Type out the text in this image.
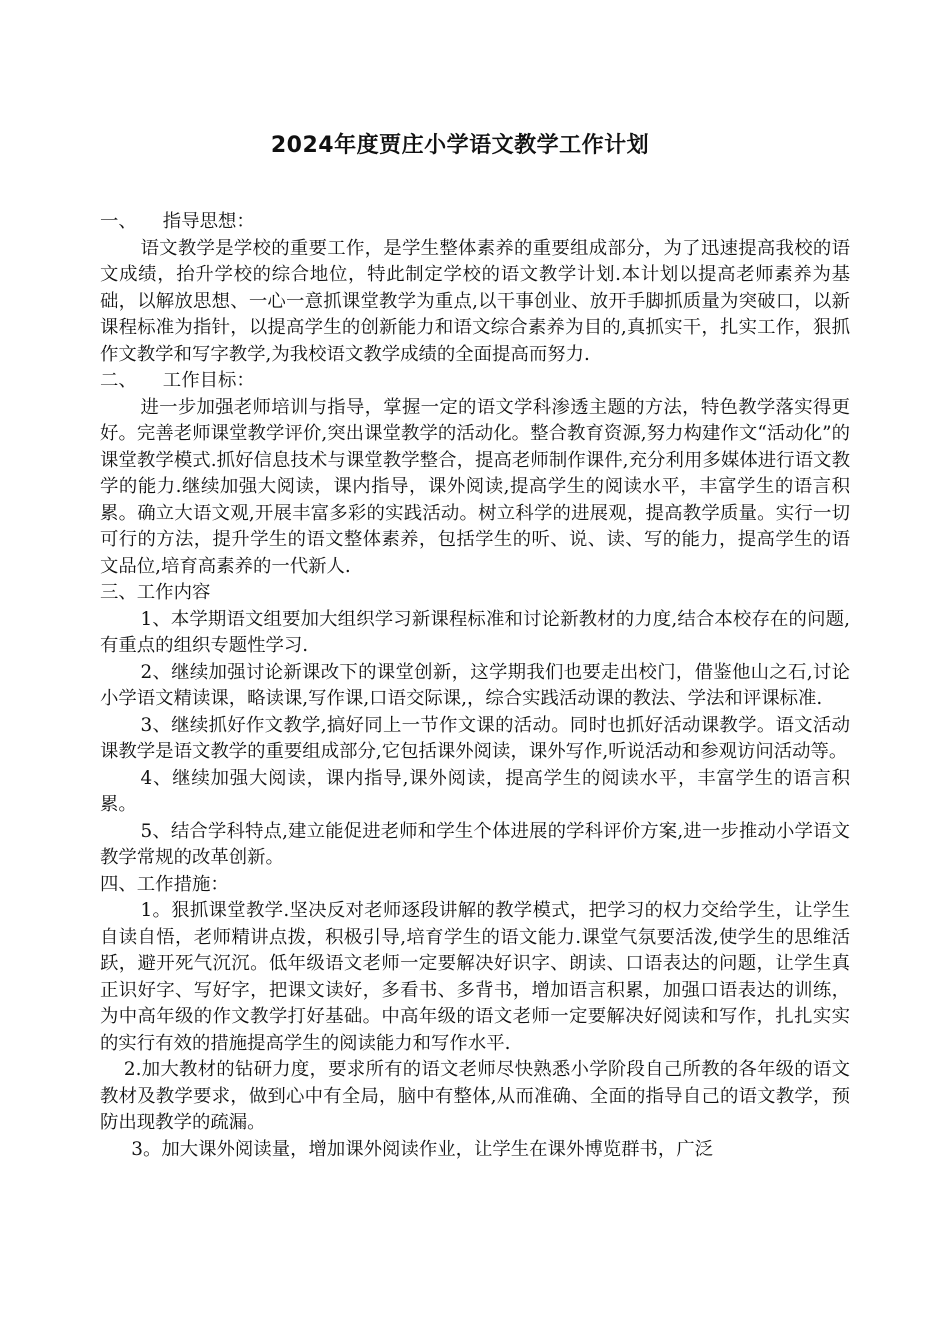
2024年度贾庄小学语文教学工作计划

一、 指导思想：

语文教学是学校的重要工作，是学生整体素养的重要组成部分，为了迅速提高我校的语文成绩，抬升学校的综合地位，特此制定学校的语文教学计划.本计划以提高老师素养为基础，以解放思想、一心一意抓课堂教学为重点,以干事创业、放开手脚抓质量为突破口，以新课程标准为指针，以提高学生的创新能力和语文综合素养为目的,真抓实干，扎实工作，狠抓作文教学和写字教学,为我校语文教学成绩的全面提高而努力.

二、 工作目标：

进一步加强老师培训与指导，掌握一定的语文学科渗透主题的方法，特色教学落实得更好。完善老师课堂教学评价,突出课堂教学的活动化。整合教育资源,努力构建作文“活动化”的课堂教学模式.抓好信息技术与课堂教学整合，提高老师制作课件,充分利用多媒体进行语文教学的能力.继续加强大阅读，课内指导，课外阅读,提高学生的阅读水平，丰富学生的语言积累。确立大语文观,开展丰富多彩的实践活动。树立科学的进展观，提高教学质量。实行一切可行的方法，提升学生的语文整体素养，包括学生的听、说、读、写的能力，提高学生的语文品位,培育高素养的一代新人.

三、工作内容

1、本学期语文组要加大组织学习新课程标准和讨论新教材的力度,结合本校存在的问题,有重点的组织专题性学习.

2、继续加强讨论新课改下的课堂创新，这学期我们也要走出校门，借鉴他山之石,讨论小学语文精读课，略读课,写作课,口语交际课,，综合实践活动课的教法、学法和评课标准.

3、继续抓好作文教学,搞好同上一节作文课的活动。同时也抓好活动课教学。语文活动课教学是语文教学的重要组成部分,它包括课外阅读，课外写作,听说活动和参观访问活动等。

4、继续加强大阅读，课内指导,课外阅读，提高学生的阅读水平，丰富学生的语言积累。

5、结合学科特点,建立能促进老师和学生个体进展的学科评价方案,进一步推动小学语文教学常规的改革创新。

四、工作措施：

1。狠抓课堂教学.坚决反对老师逐段讲解的教学模式，把学习的权力交给学生，让学生自读自悟，老师精讲点拨，积极引导,培育学生的语文能力.课堂气氛要活泼,使学生的思维活跃，避开死气沉沉。低年级语文老师一定要解决好识字、朗读、口语表达的问题，让学生真正识好字、写好字，把课文读好，多看书、多背书，增加语言积累，加强口语表达的训练，为中高年级的作文教学打好基础。中高年级的语文老师一定要解决好阅读和写作，扎扎实实的实行有效的措施提高学生的阅读能力和写作水平.

2.加大教材的钻研力度，要求所有的语文老师尽快熟悉小学阶段自己所教的各年级的语文教材及教学要求，做到心中有全局，脑中有整体,从而准确、全面的指导自己的语文教学，预防出现教学的疏漏。

3。加大课外阅读量，增加课外阅读作业，让学生在课外博览群书，广泛
